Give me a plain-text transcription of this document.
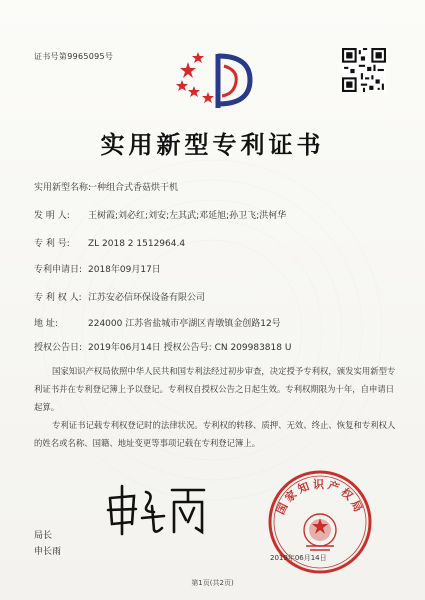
证书号第9965095号
实用新型专利证书
实用新型名称:一种组合式香菇烘干机
发 明 人: 王树霞;刘必红;刘安;左其武;邓延旭;孙卫飞;洪柯华
专 利 号: ZL 2018 2 1512964.4
专利申请日: 2018年09月17日
专 利 权 人: 江苏安必信环保设备有限公司
地 址:	224000 江苏省盐城市亭湖区青墩镇金创路12号
授权公告日: 2019年06月14日 授权公告号: CN 209983818 U

国家知识产权局依照中华人民共和国专利法经过初步审查，决定授予专利权，颁发实用新型专利证书并在专利登记簿上予以登记。专利权自授权公告之日起生效。专利权期限为十年，自申请日起算。

专利证书记载专利权登记时的法律状况。专利权的转移、质押、无效、终止、恢复和专利权人的姓名或名称、国籍、地址变更等事项记载在专利登记簿上。

局长
申长雨
国家知识产权局
2019年06月14日
第1页(共2页)
